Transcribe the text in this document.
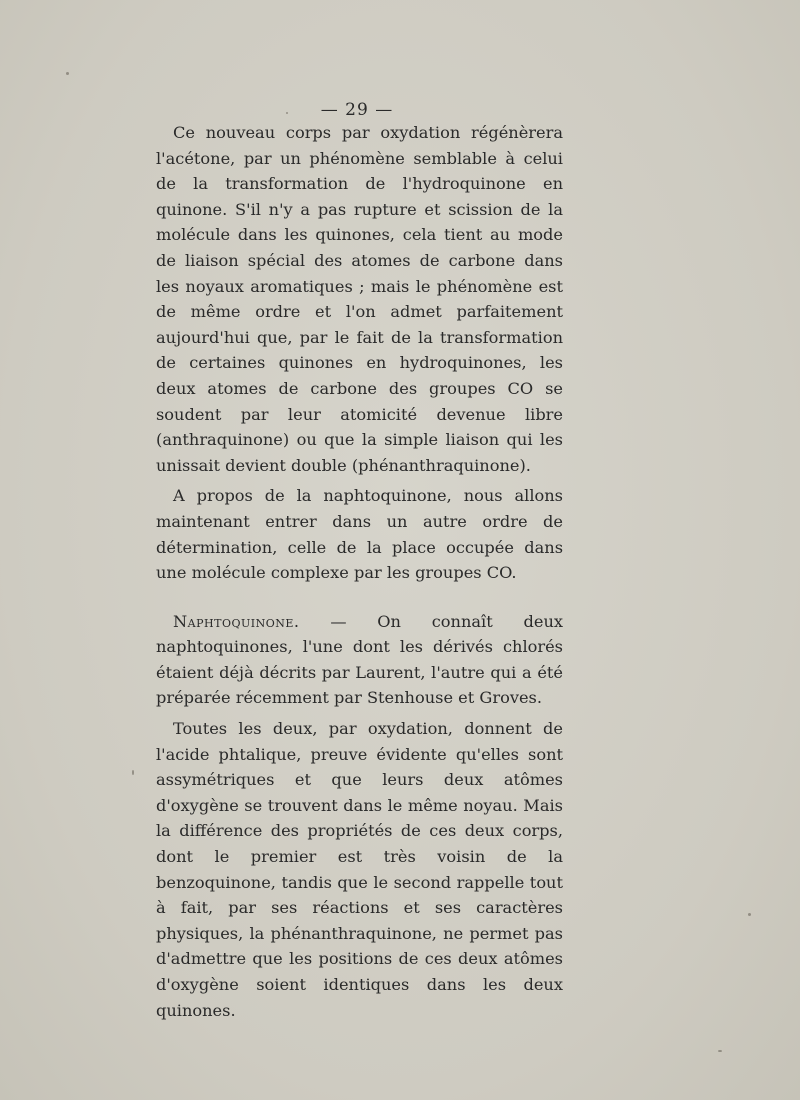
— 29 —

Ce nouveau corps par oxydation régénèrera l'acétone, par un phénomène semblable à celui de la transformation de l'hydroquinone en quinone. S'il n'y a pas rupture et scission de la molécule dans les quinones, cela tient au mode de liaison spécial des atomes de carbone dans les noyaux aromatiques ; mais le phénomène est de même ordre et l'on admet parfaitement aujourd'hui que, par le fait de la transformation de certaines quinones en hydroquinones, les deux atomes de carbone des groupes CO se soudent par leur atomicité devenue libre (anthraquinone) ou que la simple liaison qui les unissait devient double (phénanthraquinone).

A propos de la naphtoquinone, nous allons maintenant entrer dans un autre ordre de détermination, celle de la place occupée dans une molécule complexe par les groupes CO.

Naphtoquinone. — On connaît deux naphtoquinones, l'une dont les dérivés chlorés étaient déjà décrits par Laurent, l'autre qui a été préparée récemment par Stenhouse et Groves.

Toutes les deux, par oxydation, donnent de l'acide phtalique, preuve évidente qu'elles sont assymétriques et que leurs deux atômes d'oxygène se trouvent dans le même noyau. Mais la différence des propriétés de ces deux corps, dont le premier est très voisin de la benzoquinone, tandis que le second rappelle tout à fait, par ses réactions et ses caractères physiques, la phénanthraquinone, ne permet pas d'admettre que les positions de ces deux atômes d'oxygène soient identiques dans les deux quinones.
